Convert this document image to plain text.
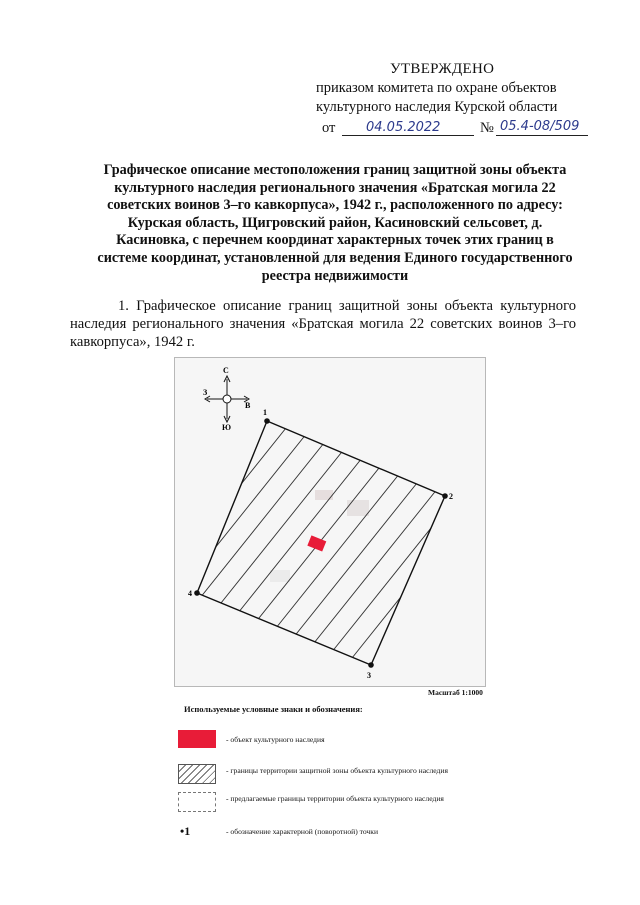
УТВЕРЖДЕНО
приказом комитета по охране объектов
культурного наследия Курской области
от 04.05.2022	№ 05.4-08/509
Графическое описание местоположения границ защитной зоны объекта культурного наследия регионального значения «Братская могила 22 советских воинов 3–го кавкорпуса», 1942 г., расположенного по адресу: Курская область, Щигровский район, Касиновский сельсовет, д. Касиновка, с перечнем координат характерных точек этих границ в системе координат, установленной для ведения Единого государственного реестра недвижимости
1. Графическое описание границ защитной зоны объекта культурного наследия регионального значения «Братская могила 22 советских воинов 3–го кавкорпуса», 1942 г.
1
2
3
4
С
Ю
З
В
Масштаб 1:1000
Используемые условные знаки и обозначения:
- объект культурного наследия
- границы территории защитной зоны объекта культурного наследия
- предлагаемые границы территории объекта культурного наследия
•1	- обозначение характерной (поворотной) точки
